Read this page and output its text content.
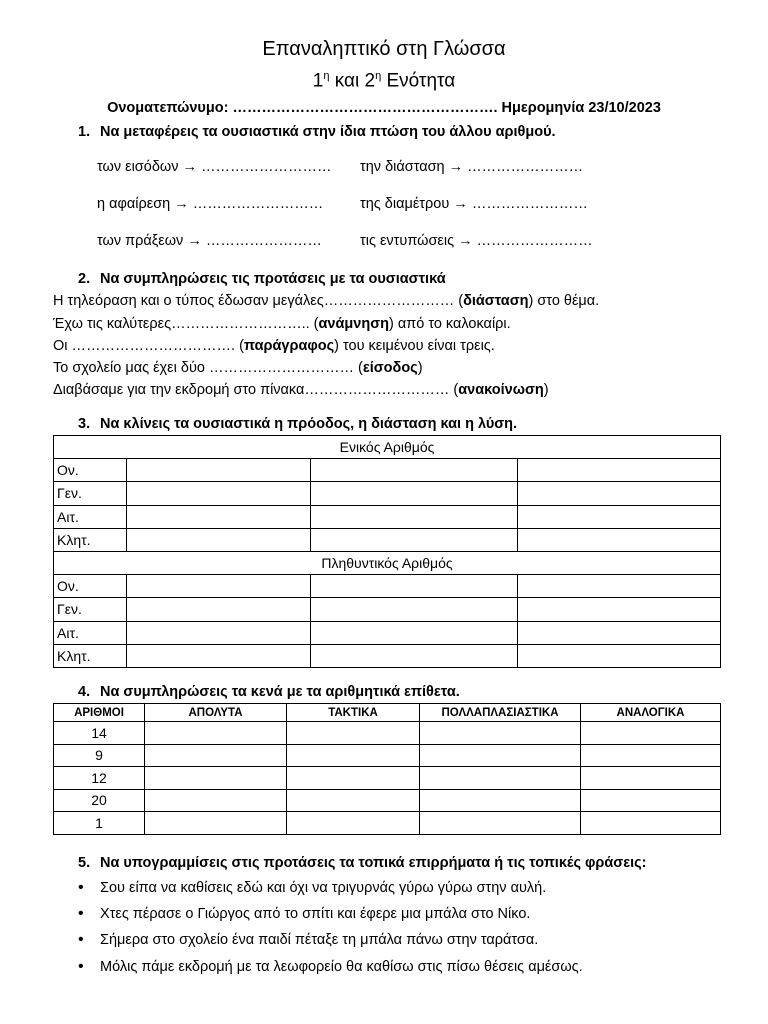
Επαναληπτικό στη Γλώσσα
$1^\eta$ και $2^\eta$ Ενότητα
Ονοματεπώνυμο: ………………………………………………. Ημερομηνία 23/10/2023
1. Να μεταφέρεις τα ουσιαστικά στην ίδια πτώση του άλλου αριθμού.
των εισόδων → ……………………… την διάσταση → ……………………
η αφαίρεση → ………………………	της διαμέτρου → ……………………
των πράξεων → ……………………	τις εντυπώσεις → ……………………
2. Να συμπληρώσεις τις προτάσεις με τα ουσιαστικά
Η τηλεόραση και ο τύπος έδωσαν μεγάλες……………………… (διάσταση) στο θέμα.
Έχω τις καλύτερες……………………….. (ανάμνηση) από το καλοκαίρι.
Οι ……………………………. (παράγραφος) του κειμένου είναι τρεις.
Το σχολείο μας έχει δύο ………………………… (είσοδος)
Διαβάσαμε για την εκδρομή στο πίνακα………………………… (ανακοίνωση)
3. Να κλίνεις τα ουσιαστικά η πρόοδος, η διάσταση και η λύση.
Ενικός Αριθμός			
Ον.			
Γεν.			
Αιτ.			
Κλητ.			
Πληθυντικός Αριθμός			
Ον.			
Γεν.			
Αιτ.			
Κλητ.			
4. Να συμπληρώσεις τα κενά με τα αριθμητικά επίθετα.
ΑΡΙΘΜΟΙ	ΑΠΟΛΥΤΑ	ΤΑΚΤΙΚΑ	ΠΟΛΛΑΠΛΑΣΙΑΣΤΙΚΑ	ΑΝΑΛΟΓΙΚΑ
14				
9				
12				
20				
1				
5. Να υπογραμμίσεις στις προτάσεις τα τοπικά επιρρήματα ή τις τοπικές φράσεις:
• Σου είπα να καθίσεις εδώ και όχι να τριγυρνάς γύρω γύρω στην αυλή.
• Χτες πέρασε ο Γιώργος από το σπίτι και έφερε μια μπάλα στο Νίκο.
• Σήμερα στο σχολείο ένα παιδί πέταξε τη μπάλα πάνω στην ταράτσα.
• Μόλις πάμε εκδρομή με τα λεωφορείο θα καθίσω στις πίσω θέσεις αμέσως.
